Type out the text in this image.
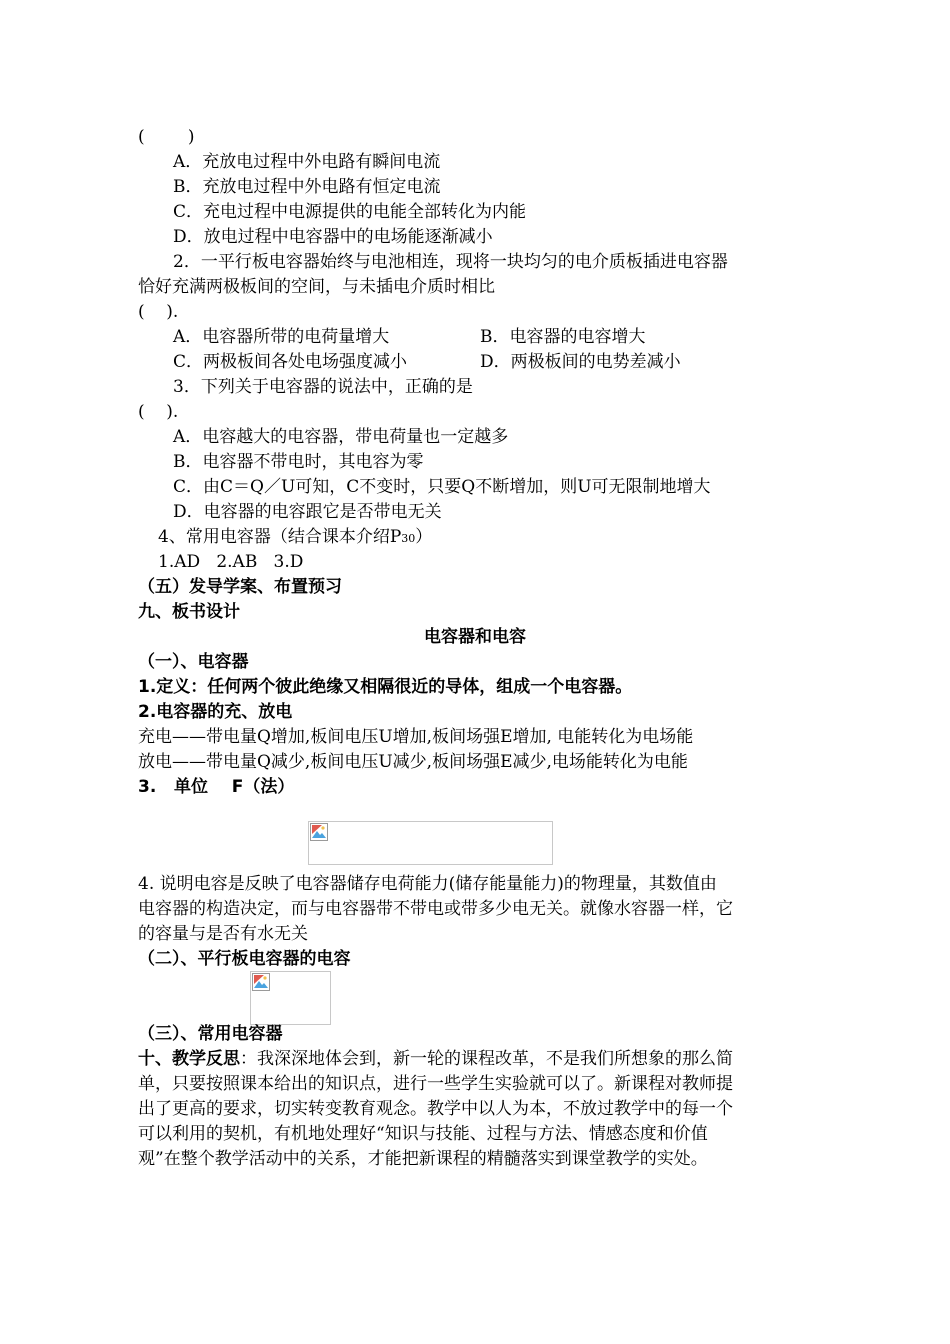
(        )
A．充放电过程中外电路有瞬间电流
B．充放电过程中外电路有恒定电流
C．充电过程中电源提供的电能全部转化为内能
D．放电过程中电容器中的电场能逐渐减小
2．一平行板电容器始终与电池相连，现将一块均匀的电介质板插进电容器
恰好充满两极板间的空间，与未插电介质时相比
(    ).
A．电容器所带的电荷量增大	B．电容器的电容增大
C．两极板间各处电场强度减小	D．两极板间的电势差减小
3．下列关于电容器的说法中，正确的是
(    ).
A．电容越大的电容器，带电荷量也一定越多
B．电容器不带电时，其电容为零
C．由C＝Q／U可知，C不变时，只要Q不断增加，则U可无限制地增大
D．电容器的电容跟它是否带电无关
4、常用电容器（结合课本介绍P30）
1.AD   2.AB   3.D
（五）发导学案、布置预习
九、板书设计
电容器和电容
（一）、电容器
1.定义：任何两个彼此绝缘又相隔很近的导体，组成一个电容器。
2.电容器的充、放电
充电——带电量Q增加,板间电压U增加,板间场强E增加, 电能转化为电场能
放电——带电量Q减少,板间电压U减少,板间场强E减少,电场能转化为电能
3.   单位    F（法）
4. 说明电容是反映了电容器储存电荷能力(储存能量能力)的物理量，其数值由
电容器的构造决定，而与电容器带不带电或带多少电无关。就像水容器一样，它
的容量与是否有水无关
（二）、平行板电容器的电容
（三）、常用电容器
十、教学反思：我深深地体会到，新一轮的课程改革，不是我们所想象的那么简
单，只要按照课本给出的知识点，进行一些学生实验就可以了。新课程对教师提
出了更高的要求，切实转变教育观念。教学中以人为本，不放过教学中的每一个
可以利用的契机，有机地处理好“知识与技能、过程与方法、情感态度和价值
观”在整个教学活动中的关系，才能把新课程的精髓落实到课堂教学的实处。
